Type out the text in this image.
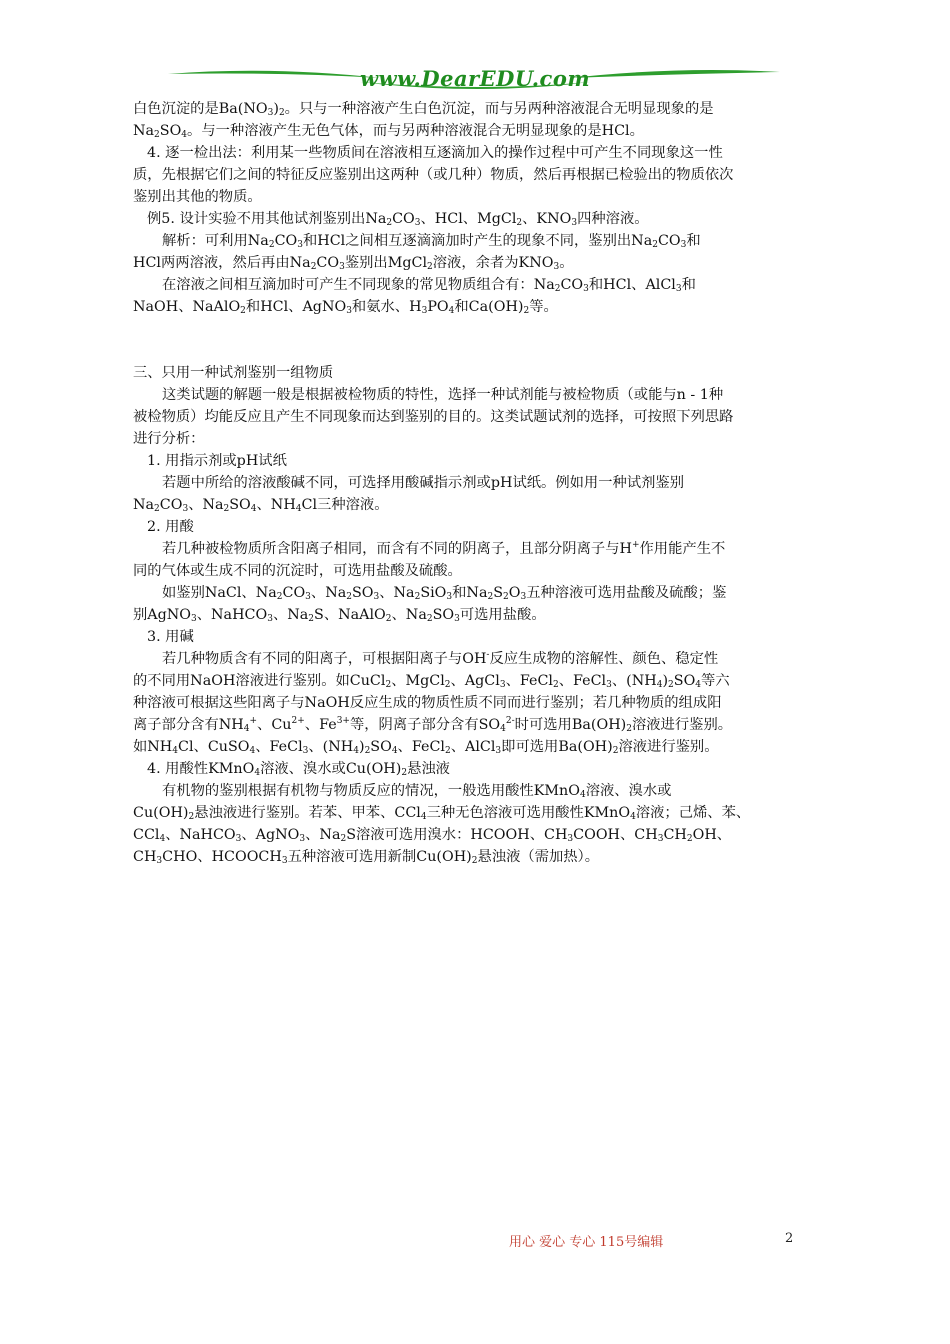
www.DearEDU.com

白色沉淀的是$Ba(NO_3)_2$。只与一种溶液产生白色沉淀，而与另两种溶液混合无明显现象的是

$Na_2SO_4$。与一种溶液产生无色气体，而与另两种溶液混合无明显现象的是HCl。

4. 逐一检出法：利用某一些物质间在溶液相互逐滴加入的操作过程中可产生不同现象这一性

质，先根据它们之间的特征反应鉴别出这两种（或几种）物质，然后再根据已检验出的物质依次

鉴别出其他的物质。

例5. 设计实验不用其他试剂鉴别出$Na_2CO_3$、HCl、MgCl$_2$、$KNO_3$四种溶液。

解析：可利用$Na_2CO_3$和HCl之间相互逐滴滴加时产生的现象不同，鉴别出$Na_2CO_3$和

HCl两两溶液，然后再由$Na_2CO_3$鉴别出MgCl$_2$溶液，余者为$KNO_3$。

在溶液之间相互滴加时可产生不同现象的常见物质组合有：$Na_2CO_3$和HCl、AlCl$_3$和

NaOH、NaAlO$_2$和HCl、AgNO$_3$和氨水、$H_3PO_4$和$Ca(OH)_2$等。

三、只用一种试剂鉴别一组物质

这类试题的解题一般是根据被检物质的特性，选择一种试剂能与被检物质（或能与n - 1种

被检物质）均能反应且产生不同现象而达到鉴别的目的。这类试题试剂的选择，可按照下列思路

进行分析：

1. 用指示剂或pH试纸

若题中所给的溶液酸碱不同，可选择用酸碱指示剂或pH试纸。例如用一种试剂鉴别

$Na_2CO_3$、$Na_2SO_4$、$NH_4Cl$三种溶液。

2. 用酸

若几种被检物质所含阳离子相同，而含有不同的阴离子，且部分阴离子与H+作用能产生不

同的气体或生成不同的沉淀时，可选用盐酸及硫酸。

如鉴别NaCl、$Na_2CO_3$、$Na_2SO_3$、$Na_2SiO_3$和$Na_2S_2O_3$五种溶液可选用盐酸及硫酸；鉴

别AgNO$_3$、NaHCO$_3$、$Na_2S$、NaAlO$_2$、$Na_2SO_3$可选用盐酸。

3. 用碱

若几种物质含有不同的阳离子，可根据阳离子与OH-反应生成物的溶解性、颜色、稳定性

的不同用NaOH溶液进行鉴别。如CuCl$_2$、MgCl$_2$、AgCl$_3$、FeCl$_2$、FeCl$_3$、$(NH_4)_2SO_4$等六

种溶液可根据这些阳离子与NaOH反应生成的物质性质不同而进行鉴别；若几种物质的组成阳

离子部分含有$NH_4^+$、$Cu^{2+}$、$Fe^{3+}$等，阴离子部分含有$SO_4^{2-}$时可选用$Ba(OH)_2$溶液进行鉴别。

如$NH_4Cl$、CuSO$_4$、FeCl$_3$、$(NH_4)_2SO_4$、FeCl$_2$、AlCl$_3$即可选用$Ba(OH)_2$溶液进行鉴别。

4. 用酸性KMnO$_4$溶液、溴水或$Cu(OH)_2$悬浊液

有机物的鉴别根据有机物与物质反应的情况，一般选用酸性KMnO$_4$溶液、溴水或

$Cu(OH)_2$悬浊液进行鉴别。若苯、甲苯、CCl$_4$三种无色溶液可选用酸性KMnO$_4$溶液；己烯、苯、

CCl$_4$、NaHCO$_3$、AgNO$_3$、$Na_2S$溶液可选用溴水：HCOOH、$CH_3COOH$、$CH_3CH_2OH$、

$CH_3CHO$、$HCOOCH_3$五种溶液可选用新制$Cu(OH)_2$悬浊液（需加热）。

用心 爱心 专心 115号编辑	2
